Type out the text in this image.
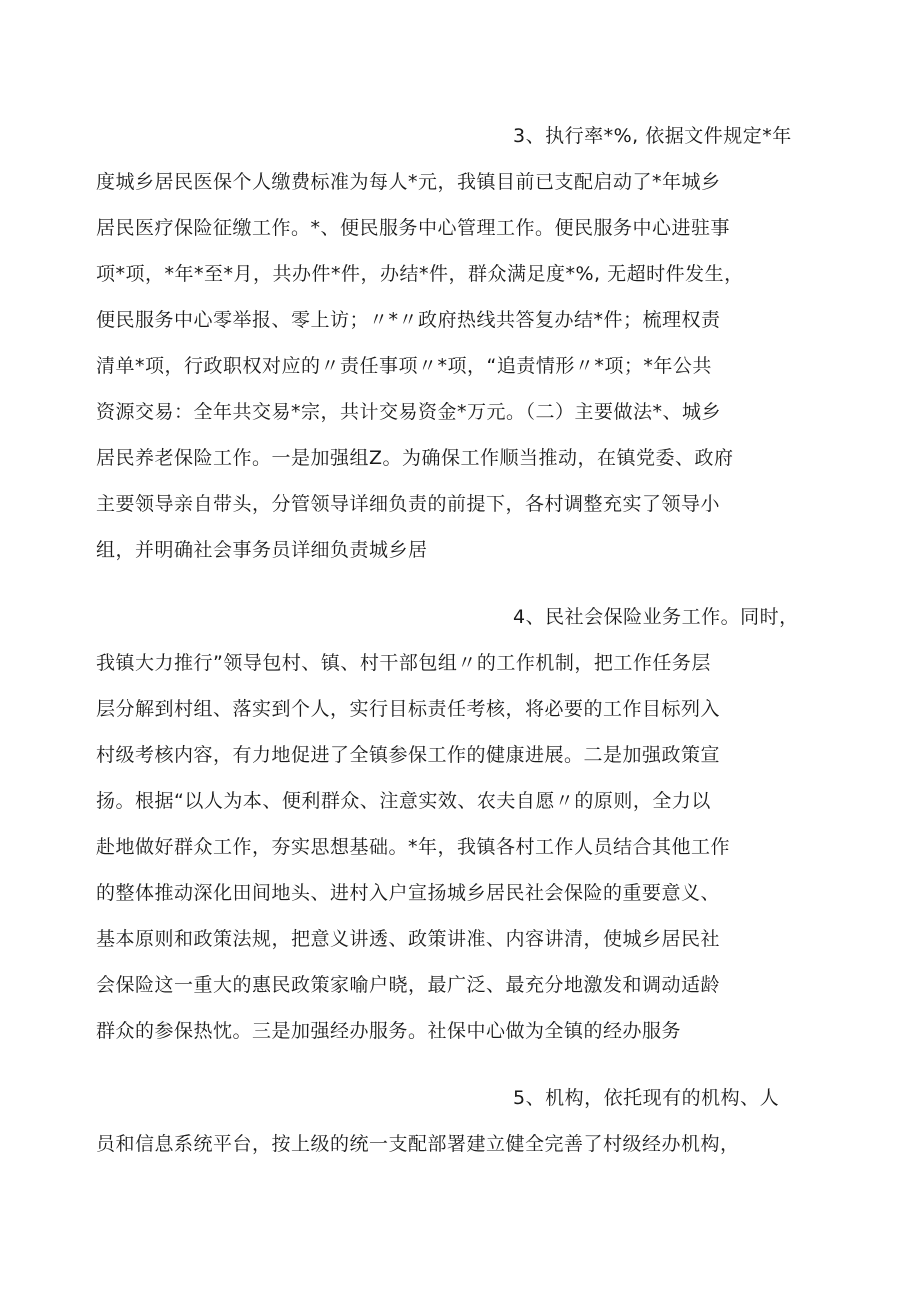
3、执行率*%, 依据文件规定*年
度城乡居民医保个人缴费标准为每人*元，我镇目前已支配启动了*年城乡
居民医疗保险征缴工作。*、便民服务中心管理工作。便民服务中心进驻事
项*项，*年*至*月，共办件*件，办结*件，群众满足度*%, 无超时件发生，
便民服务中心零举报、零上访；〃*〃政府热线共答复办结*件；梳理权责
清单*项，行政职权对应的〃责任事项〃*项，“追责情形〃*项；*年公共
资源交易：全年共交易*宗，共计交易资金*万元。（二）主要做法*、城乡
居民养老保险工作。一是加强组Z。为确保工作顺当推动，在镇党委、政府
主要领导亲自带头，分管领导详细负责的前提下，各村调整充实了领导小
组，并明确社会事务员详细负责城乡居
4、民社会保险业务工作。同时，
我镇大力推行”领导包村、镇、村干部包组〃的工作机制，把工作任务层
层分解到村组、落实到个人，实行目标责任考核，将必要的工作目标列入
村级考核内容，有力地促进了全镇参保工作的健康进展。二是加强政策宣
扬。根据“以人为本、便利群众、注意实效、农夫自愿〃的原则，全力以
赴地做好群众工作，夯实思想基础。*年，我镇各村工作人员结合其他工作
的整体推动深化田间地头、进村入户宣扬城乡居民社会保险的重要意义、
基本原则和政策法规，把意义讲透、政策讲准、内容讲清，使城乡居民社
会保险这一重大的惠民政策家喻户晓，最广泛、最充分地激发和调动适龄
群众的参保热忱。三是加强经办服务。社保中心做为全镇的经办服务
5、机构，依托现有的机构、人
员和信息系统平台，按上级的统一支配部署建立健全完善了村级经办机构，
